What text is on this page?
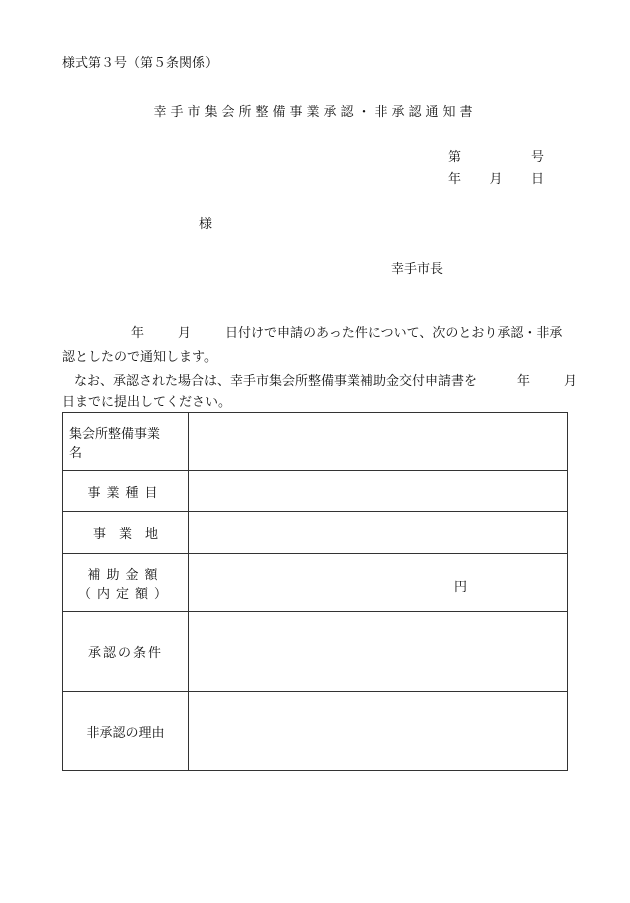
様式第３号（第５条関係）
幸手市集会所整備事業承認・非承認通知書
第	号
年 月 日
様
幸手市長
年	月	日付けで申請のあった件について、次のとおり承認・非承
認としたので通知します。
なお、承認された場合は、幸手市集会所整備事業補助金交付申請書を	年	月
日までに提出してください。
集会所整備事業
名	

事業種目	

事　業　地	

補助金額
（内定額）	円

承認の条件	

非承認の理由	
